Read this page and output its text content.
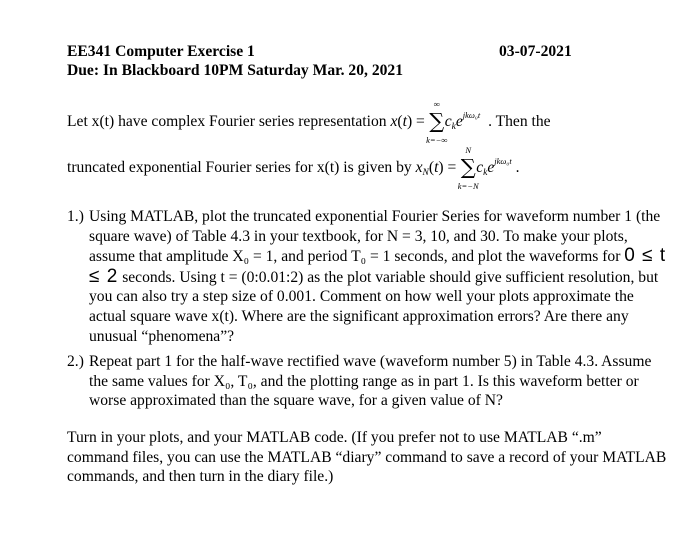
EE341 Computer Exercise 1	03-07-2021
Due: In Blackboard 10PM Saturday Mar. 20, 2021
Let x(t) have complex Fourier series representation x(t) =
∞
∑
k=−∞
$c_ke^{jk\omega_0t}$ . Then the
truncated exponential Fourier series for x(t) is given by $x_N(t)$ =
N
∑
k=−N
$c_ke^{jk\omega_0t}$ .
1.) Using MATLAB, plot the truncated exponential Fourier Series for waveform number 1 (the square wave) of Table 4.3 in your textbook, for N = 3, 10, and 30. To make your plots, assume that amplitude X₀ = 1, and period T₀ = 1 seconds, and plot the waveforms for 0 ≤ t ≤ 2 seconds. Using t = (0:0.01:2) as the plot variable should give sufficient resolution, but you can also try a step size of 0.001. Comment on how well your plots approximate the actual square wave x(t). Where are the significant approximation errors? Are there any unusual “phenomena”?
2.) Repeat part 1 for the half-wave rectified wave (waveform number 5) in Table 4.3. Assume the same values for X₀, T₀, and the plotting range as in part 1. Is this waveform better or worse approximated than the square wave, for a given value of N?
Turn in your plots, and your MATLAB code. (If you prefer not to use MATLAB “.m” command files, you can use the MATLAB “diary” command to save a record of your MATLAB commands, and then turn in the diary file.)
